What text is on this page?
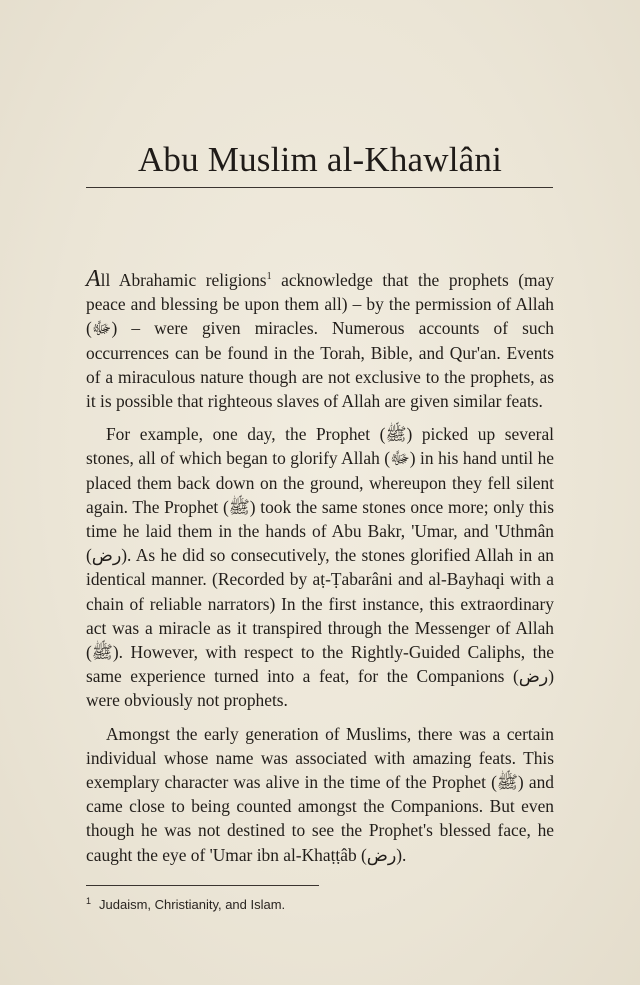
Abu Muslim al-Khawlâni

All Abrahamic religions$^1$ acknowledge that the prophets (may peace and blessing be upon them all) – by the permission of Allah (ﷻ) – were given miracles. Numerous accounts of such occurrences can be found in the Torah, Bible, and Qur'an. Events of a miraculous nature though are not exclusive to the prophets, as it is possible that righteous slaves of Allah are given similar feats.

For example, one day, the Prophet (ﷺ) picked up several stones, all of which began to glorify Allah (ﷻ) in his hand until he placed them back down on the ground, whereupon they fell silent again. The Prophet (ﷺ) took the same stones once more; only this time he laid them in the hands of Abu Bakr, 'Umar, and 'Uthmân (رض). As he did so consecutively, the stones glorified Allah in an identical manner. (Recorded by aṭ-Ṭabarâni and al-Bayhaqi with a chain of reliable narrators) In the first instance, this extraordinary act was a miracle as it transpired through the Messenger of Allah (ﷺ). However, with respect to the Rightly-Guided Caliphs, the same experience turned into a feat, for the Companions (رض) were obviously not prophets.

Amongst the early generation of Muslims, there was a certain individual whose name was associated with amazing feats. This exemplary character was alive in the time of the Prophet (ﷺ) and came close to being counted amongst the Companions. But even though he was not destined to see the Prophet's blessed face, he caught the eye of 'Umar ibn al-Khaṭṭâb (رض).

$^1$ Judaism, Christianity, and Islam.
